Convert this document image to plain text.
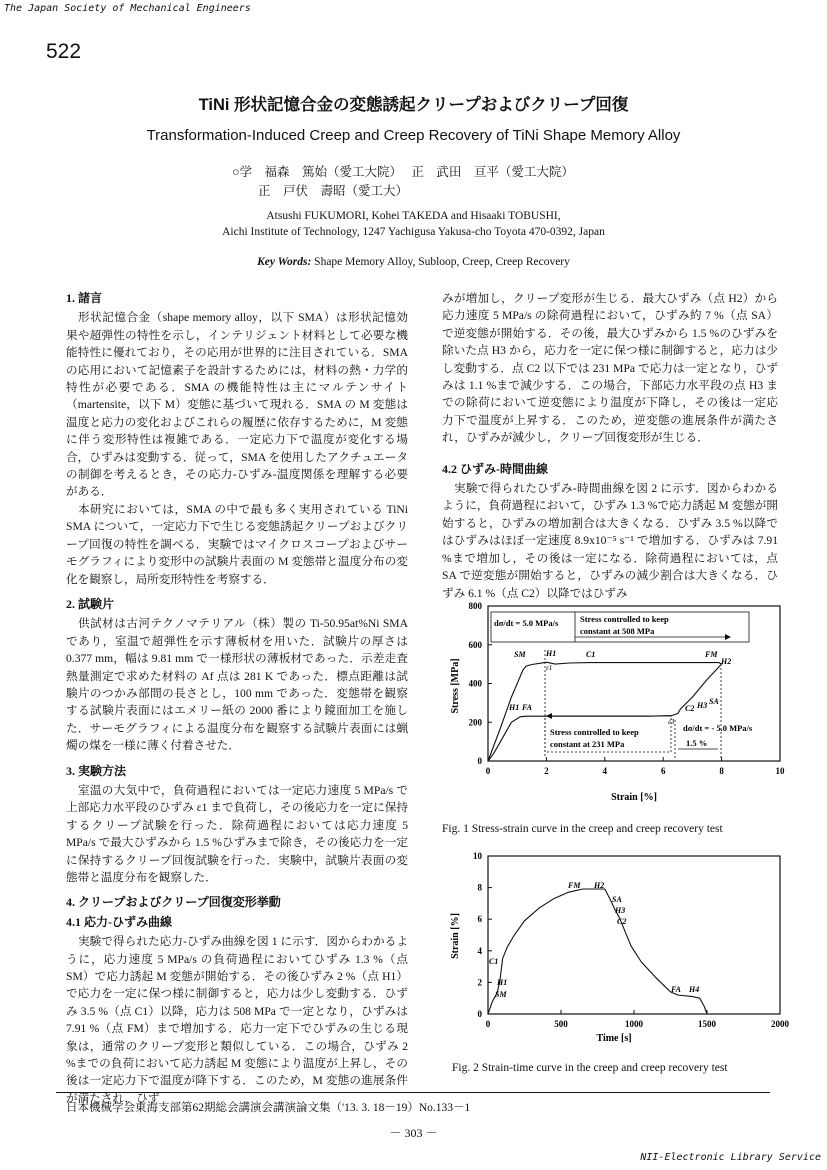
The Japan Society of Mechanical Engineers
522
TiNi 形状記憶合金の変態誘起クリープおよびクリープ回復
Transformation-Induced Creep and Creep Recovery of TiNi Shape Memory Alloy
○学　福森　篤始（愛工大院）　 正　武田　亘平（愛工大院）
正　戸伏　壽昭（愛工大）
Atsushi FUKUMORI, Kohei TAKEDA and Hisaaki TOBUSHI,
Aichi Institute of Technology, 1247 Yachigusa Yakusa-cho Toyota 470-0392, Japan
Key Words: Shape Memory Alloy, Subloop, Creep, Creep Recovery
1. 諸言

形状記憶合金（shape memory alloy，以下 SMA）は形状記憶効果や超弾性の特性を示し，インテリジェント材料として必要な機能特性に優れており，その応用が世界的に注目されている．SMA の応用において記憶素子を設計するためには，材料の熱・力学的特性が必要である．SMA の機能特性は主にマルテンサイト（martensite，以下 M）変態に基づいて現れる．SMA の M 変態は温度と応力の変化およびこれらの履歴に依存するために，M 変態に伴う変形特性は複雑である．一定応力下で温度が変化する場合，ひずみは変動する．従って，SMA を使用したアクチュエータの制御を考えるとき，その応力-ひずみ-温度関係を理解する必要がある．

本研究においては，SMA の中で最も多く実用されている TiNi SMA について，一定応力下で生じる変態誘起クリープおよびクリープ回復の特性を調べる．実験ではマイクロスコープおよびサーモグラフィにより変形中の試験片表面の M 変態帯と温度分布の変化を観察し，局所変形特性を考察する．

2. 試験片

供試材は古河テクノマテリアル（株）製の Ti-50.95at%Ni SMA であり，室温で超弾性を示す薄板材を用いた．試験片の厚さは 0.377 mm，幅は 9.81 mm で一様形状の薄板材であった．示差走査熱量測定で求めた材料の Af 点は 281 K であった．標点距離は試験片のつかみ部間の長さとし，100 mm であった．変態帯を観察する試験片表面にはエメリー紙の 2000 番により鏡面加工を施した．サーモグラフィによる温度分布を観察する試験片表面には蝋燭の煤を一様に薄く付着させた．

3. 実験方法

室温の大気中で，負荷過程においては一定応力速度 5 MPa/s で上部応力水平段のひずみ ε1 まで負荷し，その後応力を一定に保持するクリープ試験を行った．除荷過程においては応力速度 5 MPa/s で最大ひずみから 1.5 %ひずみまで除き，その後応力を一定に保持するクリープ回復試験を行った．実験中，試験片表面の変態帯と温度分布を観察した．

4. クリープおよびクリープ回復変形挙動
4.1 応力-ひずみ曲線

実験で得られた応力-ひずみ曲線を図 1 に示す．図からわかるように，応力速度 5 MPa/s の負荷過程においてひずみ 1.3 %（点 SM）で応力誘起 M 変態が開始する．その後ひずみ 2 %（点 H1）で応力を一定に保つ様に制御すると，応力は少し変動する．ひずみ 3.5 %（点 C1）以降，応力は 508 MPa で一定となり，ひずみは 7.91 %（点 FM）まで増加する．応力一定下でひずみの生じる現象は，通常のクリープ変形と類似している．この場合，ひずみ 2 %までの負荷において応力誘起 M 変態により温度が上昇し，その後は一定応力下で温度が降下する．このため，M 変態の進展条件が満たされ，ひず

みが増加し，クリープ変形が生じる．最大ひずみ（点 H2）から応力速度 5 MPa/s の除荷過程において，ひずみ約 7 %（点 SA）で逆変態が開始する．その後，最大ひずみから 1.5 %のひずみを除いた点 H3 から，応力を一定に保つ様に制御すると，応力は少し変動する．点 C2 以下では 231 MPa で応力は一定となり，ひずみは 1.1 %まで減少する．この場合，下部応力水平段の点 H3 までの除荷において逆変態により温度が下降し，その後は一定応力下で温度が上昇する．このため，逆変態の進展条件が満たされ，ひずみが減少し，クリープ回復変形が生じる．

4.2 ひずみ-時間曲線

実験で得られたひずみ-時間曲線を図 2 に示す．図からわかるように，負荷過程において，ひずみ 1.3 %で応力誘起 M 変態が開始すると，ひずみの増加割合は大きくなる．ひずみ 3.5 %以降ではひずみはほぼ一定速度 8.9x10⁻⁵ s⁻¹ で増加する．ひずみは 7.91 %まで増加し，その後は一定になる．除荷過程においては，点 SA で逆変態が開始すると，ひずみの減少割合は大きくなる．ひずみ 6.1 %（点 C2）以降ではひずみ

0
200
400
600
800
0	2	4	6	8	10
Stress [MPa]
Strain [%]
dσ/dt = 5.0 MPa/s	Stress controlled to keep
constant at 508 MPa
Stress controlled to keep
constant at 231 MPa
dσ/dt = - 5.0 MPa/s
1.5 %
SM	H1
ε1
C1	FM
H2
H1 FA	C2 H3 SA
ε3
Fig. 1 Stress-strain curve in the creep and creep recovery test
0
2
4
6
8
10
0	500	1000	1500	2000
Strain [%]
Time [s]
FM H2
SA
H3
C2
C1
H1
SM
FA H4
Fig. 2 Strain-time curve in the creep and creep recovery test
日本機械学会東海支部第62期総会講演会講演論文集（'13. 3. 18－19）No.133－1
－ 303 －
NII-Electronic Library Service
